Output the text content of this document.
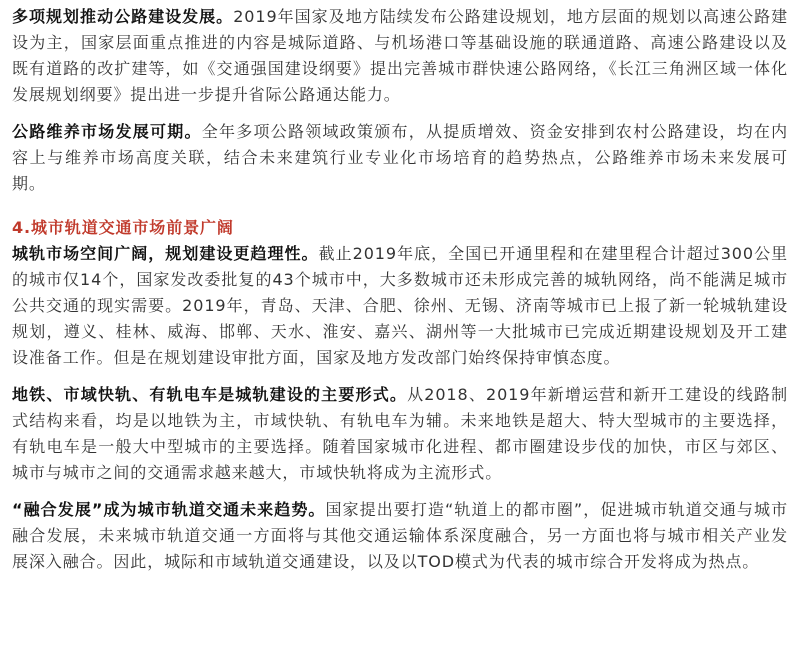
多项规划推动公路建设发展。2019年国家及地方陆续发布公路建设规划，地方层面的规划以高速公路建设为主，国家层面重点推进的内容是城际道路、与机场港口等基础设施的联通道路、高速公路建设以及既有道路的改扩建等，如《交通强国建设纲要》提出完善城市群快速公路网络，《长江三角洲区域一体化发展规划纲要》提出进一步提升省际公路通达能力。

公路维养市场发展可期。全年多项公路领域政策颁布，从提质增效、资金安排到农村公路建设，均在内容上与维养市场高度关联，结合未来建筑行业专业化市场培育的趋势热点，公路维养市场未来发展可期。

4.城市轨道交通市场前景广阔

城轨市场空间广阔，规划建设更趋理性。截止2019年底，全国已开通里程和在建里程合计超过300公里的城市仅14个，国家发改委批复的43个城市中，大多数城市还未形成完善的城轨网络，尚不能满足城市公共交通的现实需要。2019年，青岛、天津、合肥、徐州、无锡、济南等城市已上报了新一轮城轨建设规划，遵义、桂林、威海、邯郸、天水、淮安、嘉兴、湖州等一大批城市已完成近期建设规划及开工建设准备工作。但是在规划建设审批方面，国家及地方发改部门始终保持审慎态度。

地铁、市域快轨、有轨电车是城轨建设的主要形式。从2018、2019年新增运营和新开工建设的线路制式结构来看，均是以地铁为主，市域快轨、有轨电车为辅。未来地铁是超大、特大型城市的主要选择，有轨电车是一般大中型城市的主要选择。随着国家城市化进程、都市圈建设步伐的加快，市区与郊区、城市与城市之间的交通需求越来越大，市域快轨将成为主流形式。

“融合发展”成为城市轨道交通未来趋势。国家提出要打造“轨道上的都市圈”，促进城市轨道交通与城市融合发展，未来城市轨道交通一方面将与其他交通运输体系深度融合，另一方面也将与城市相关产业发展深入融合。因此，城际和市域轨道交通建设，以及以TOD模式为代表的城市综合开发将成为热点。
